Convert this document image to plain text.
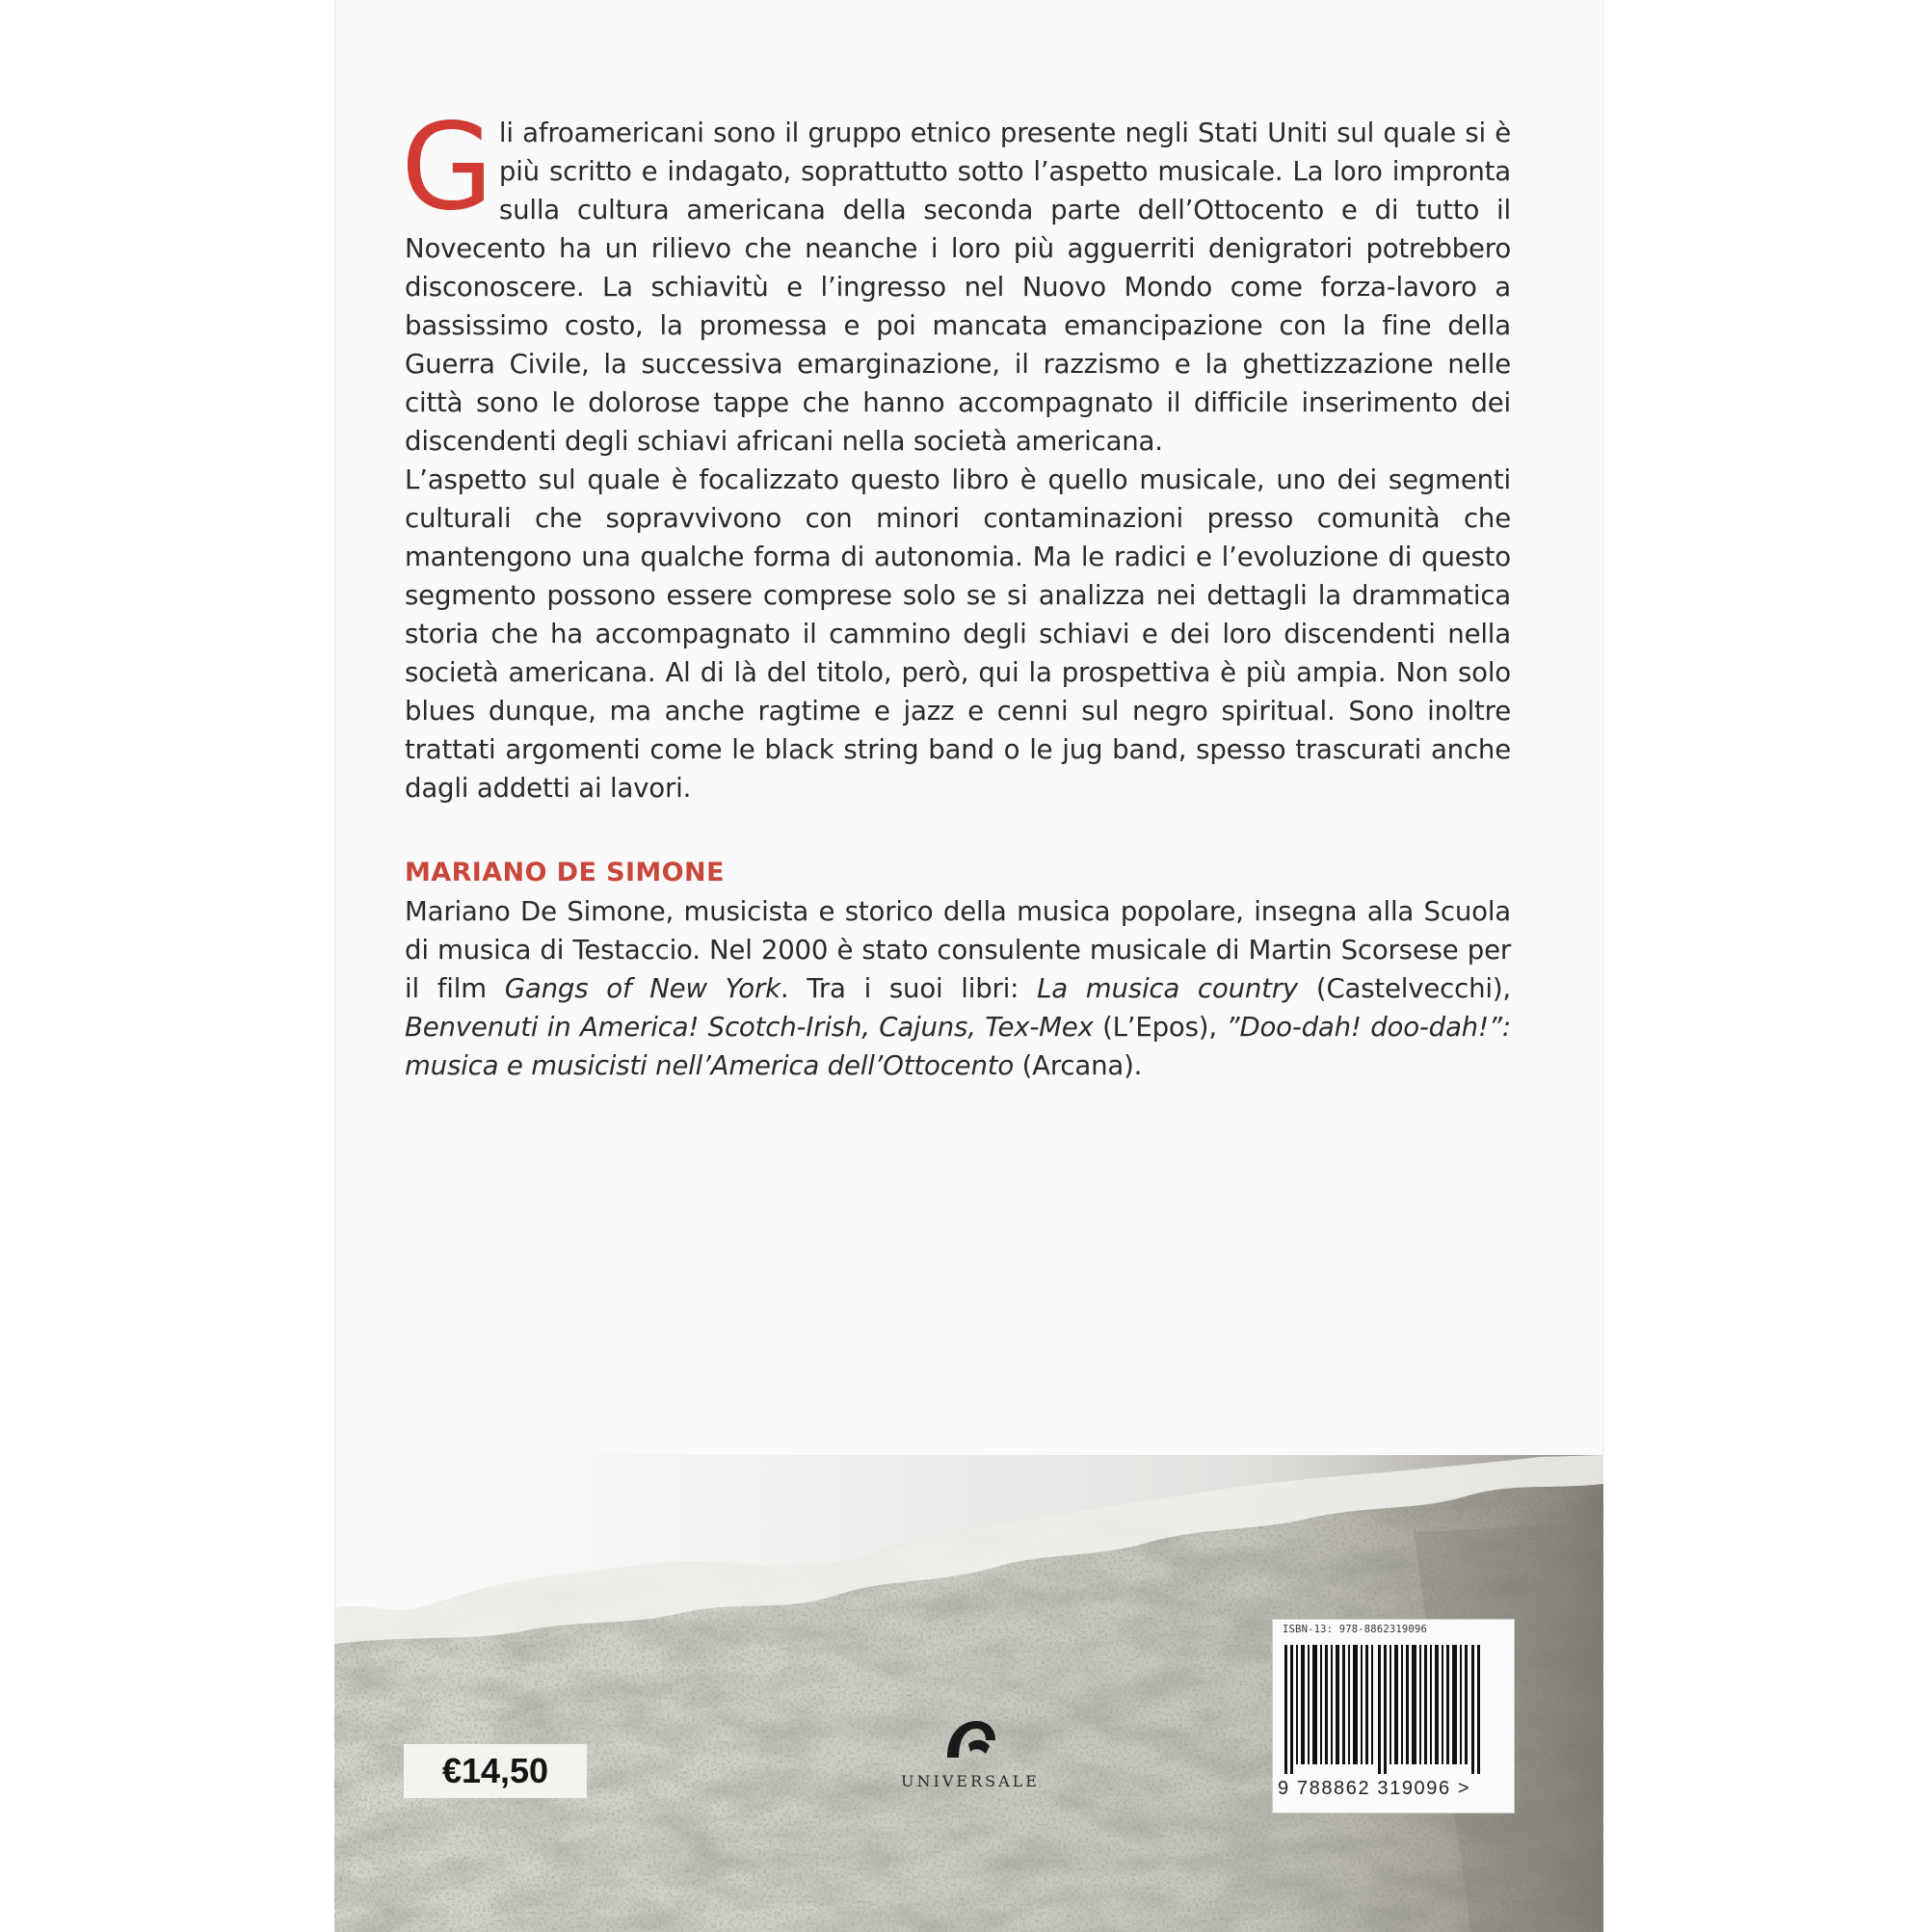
Gli afroamericani sono il gruppo etnico presente negli Stati Uniti sul quale si è più scritto e indagato, soprattutto sotto l’aspetto musicale. La loro impronta sulla cultura americana della seconda parte dell’Ottocento e di tutto il Novecento ha un rilievo che neanche i loro più agguerriti denigratori potrebbero disconoscere. La schiavitù e l’ingresso nel Nuovo Mondo come forza-lavoro a bassissimo costo, la promessa e poi mancata emancipazione con la fine della Guerra Civile, la successiva emarginazione, il razzismo e la ghettizzazione nelle città sono le dolorose tappe che hanno accompagnato il difficile inserimento dei discendenti degli schiavi africani nella società americana.

L’aspetto sul quale è focalizzato questo libro è quello musicale, uno dei segmenti culturali che sopravvivono con minori contaminazioni presso comunità che mantengono una qualche forma di autonomia. Ma le radici e l’evoluzione di questo segmento possono essere comprese solo se si analizza nei dettagli la drammatica storia che ha accompagnato il cammino degli schiavi e dei loro discendenti nella società americana. Al di là del titolo, però, qui la prospettiva è più ampia. Non solo blues dunque, ma anche ragtime e jazz e cenni sul negro spiritual. Sono inoltre trattati argomenti come le black string band o le jug band, spesso trascurati anche dagli addetti ai lavori.

MARIANO DE SIMONE

Mariano De Simone, musicista e storico della musica popolare, insegna alla Scuola di musica di Testaccio. Nel 2000 è stato consulente musicale di Martin Scorsese per il film Gangs of New York. Tra i suoi libri: La musica country (Castelvecchi), Benvenuti in America! Scotch-Irish, Cajuns, Tex-Mex (L’Epos), ”Doo-dah! doo-dah!”: musica e musicisti nell’America dell’Ottocento (Arcana).

€14,50	UNIVERSALE
ISBN-13: 978-8862319096
9 788862 319096 >
